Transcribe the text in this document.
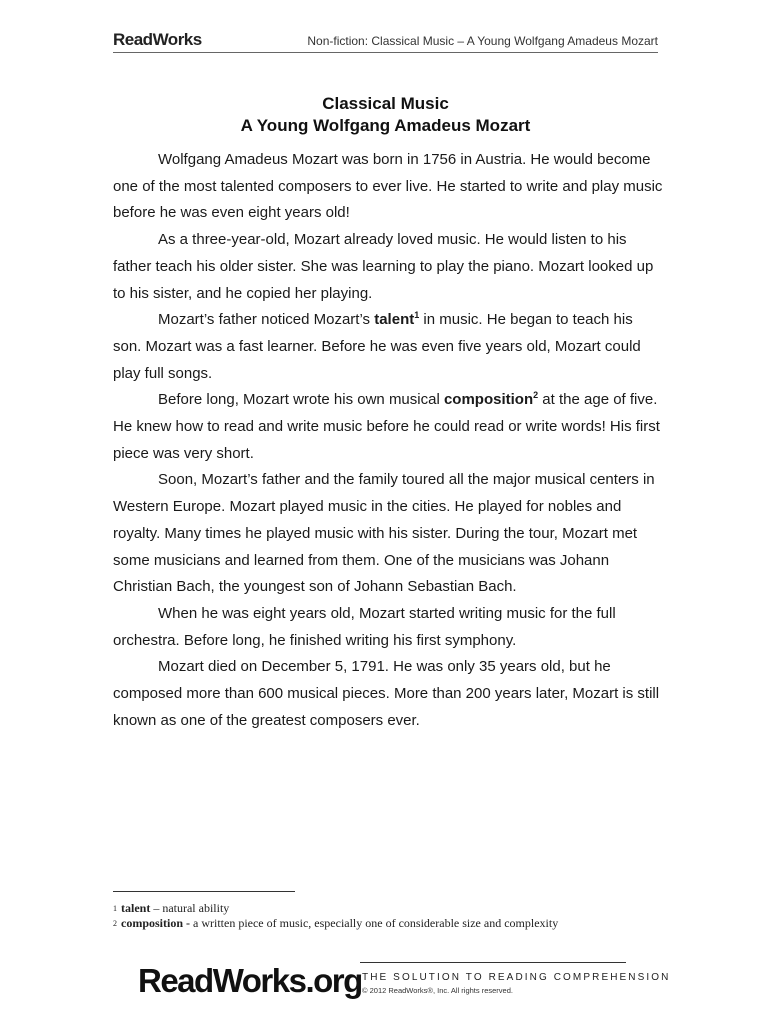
ReadWorks	Non-fiction: Classical Music – A Young Wolfgang Amadeus Mozart
Classical Music
A Young Wolfgang Amadeus Mozart

Wolfgang Amadeus Mozart was born in 1756 in Austria. He would become one of the most talented composers to ever live. He started to write and play music before he was even eight years old!

As a three-year-old, Mozart already loved music. He would listen to his father teach his older sister. She was learning to play the piano. Mozart looked up to his sister, and he copied her playing.

Mozart’s father noticed Mozart’s talent$^1$ in music. He began to teach his son. Mozart was a fast learner. Before he was even five years old, Mozart could play full songs.

Before long, Mozart wrote his own musical composition$^2$ at the age of five. He knew how to read and write music before he could read or write words! His first piece was very short.

Soon, Mozart’s father and the family toured all the major musical centers in Western Europe. Mozart played music in the cities. He played for nobles and royalty. Many times he played music with his sister. During the tour, Mozart met some musicians and learned from them. One of the musicians was Johann Christian Bach, the youngest son of Johann Sebastian Bach.

When he was eight years old, Mozart started writing music for the full orchestra. Before long, he finished writing his first symphony.

Mozart died on December 5, 1791. He was only 35 years old, but he composed more than 600 musical pieces. More than 200 years later, Mozart is still known as one of the greatest composers ever.

$^1$ talent – natural ability
$^2$ composition - a written piece of music, especially one of considerable size and complexity
ReadWorks.org THE SOLUTION TO READING COMPREHENSION
© 2012 ReadWorks®, Inc. All rights reserved.
